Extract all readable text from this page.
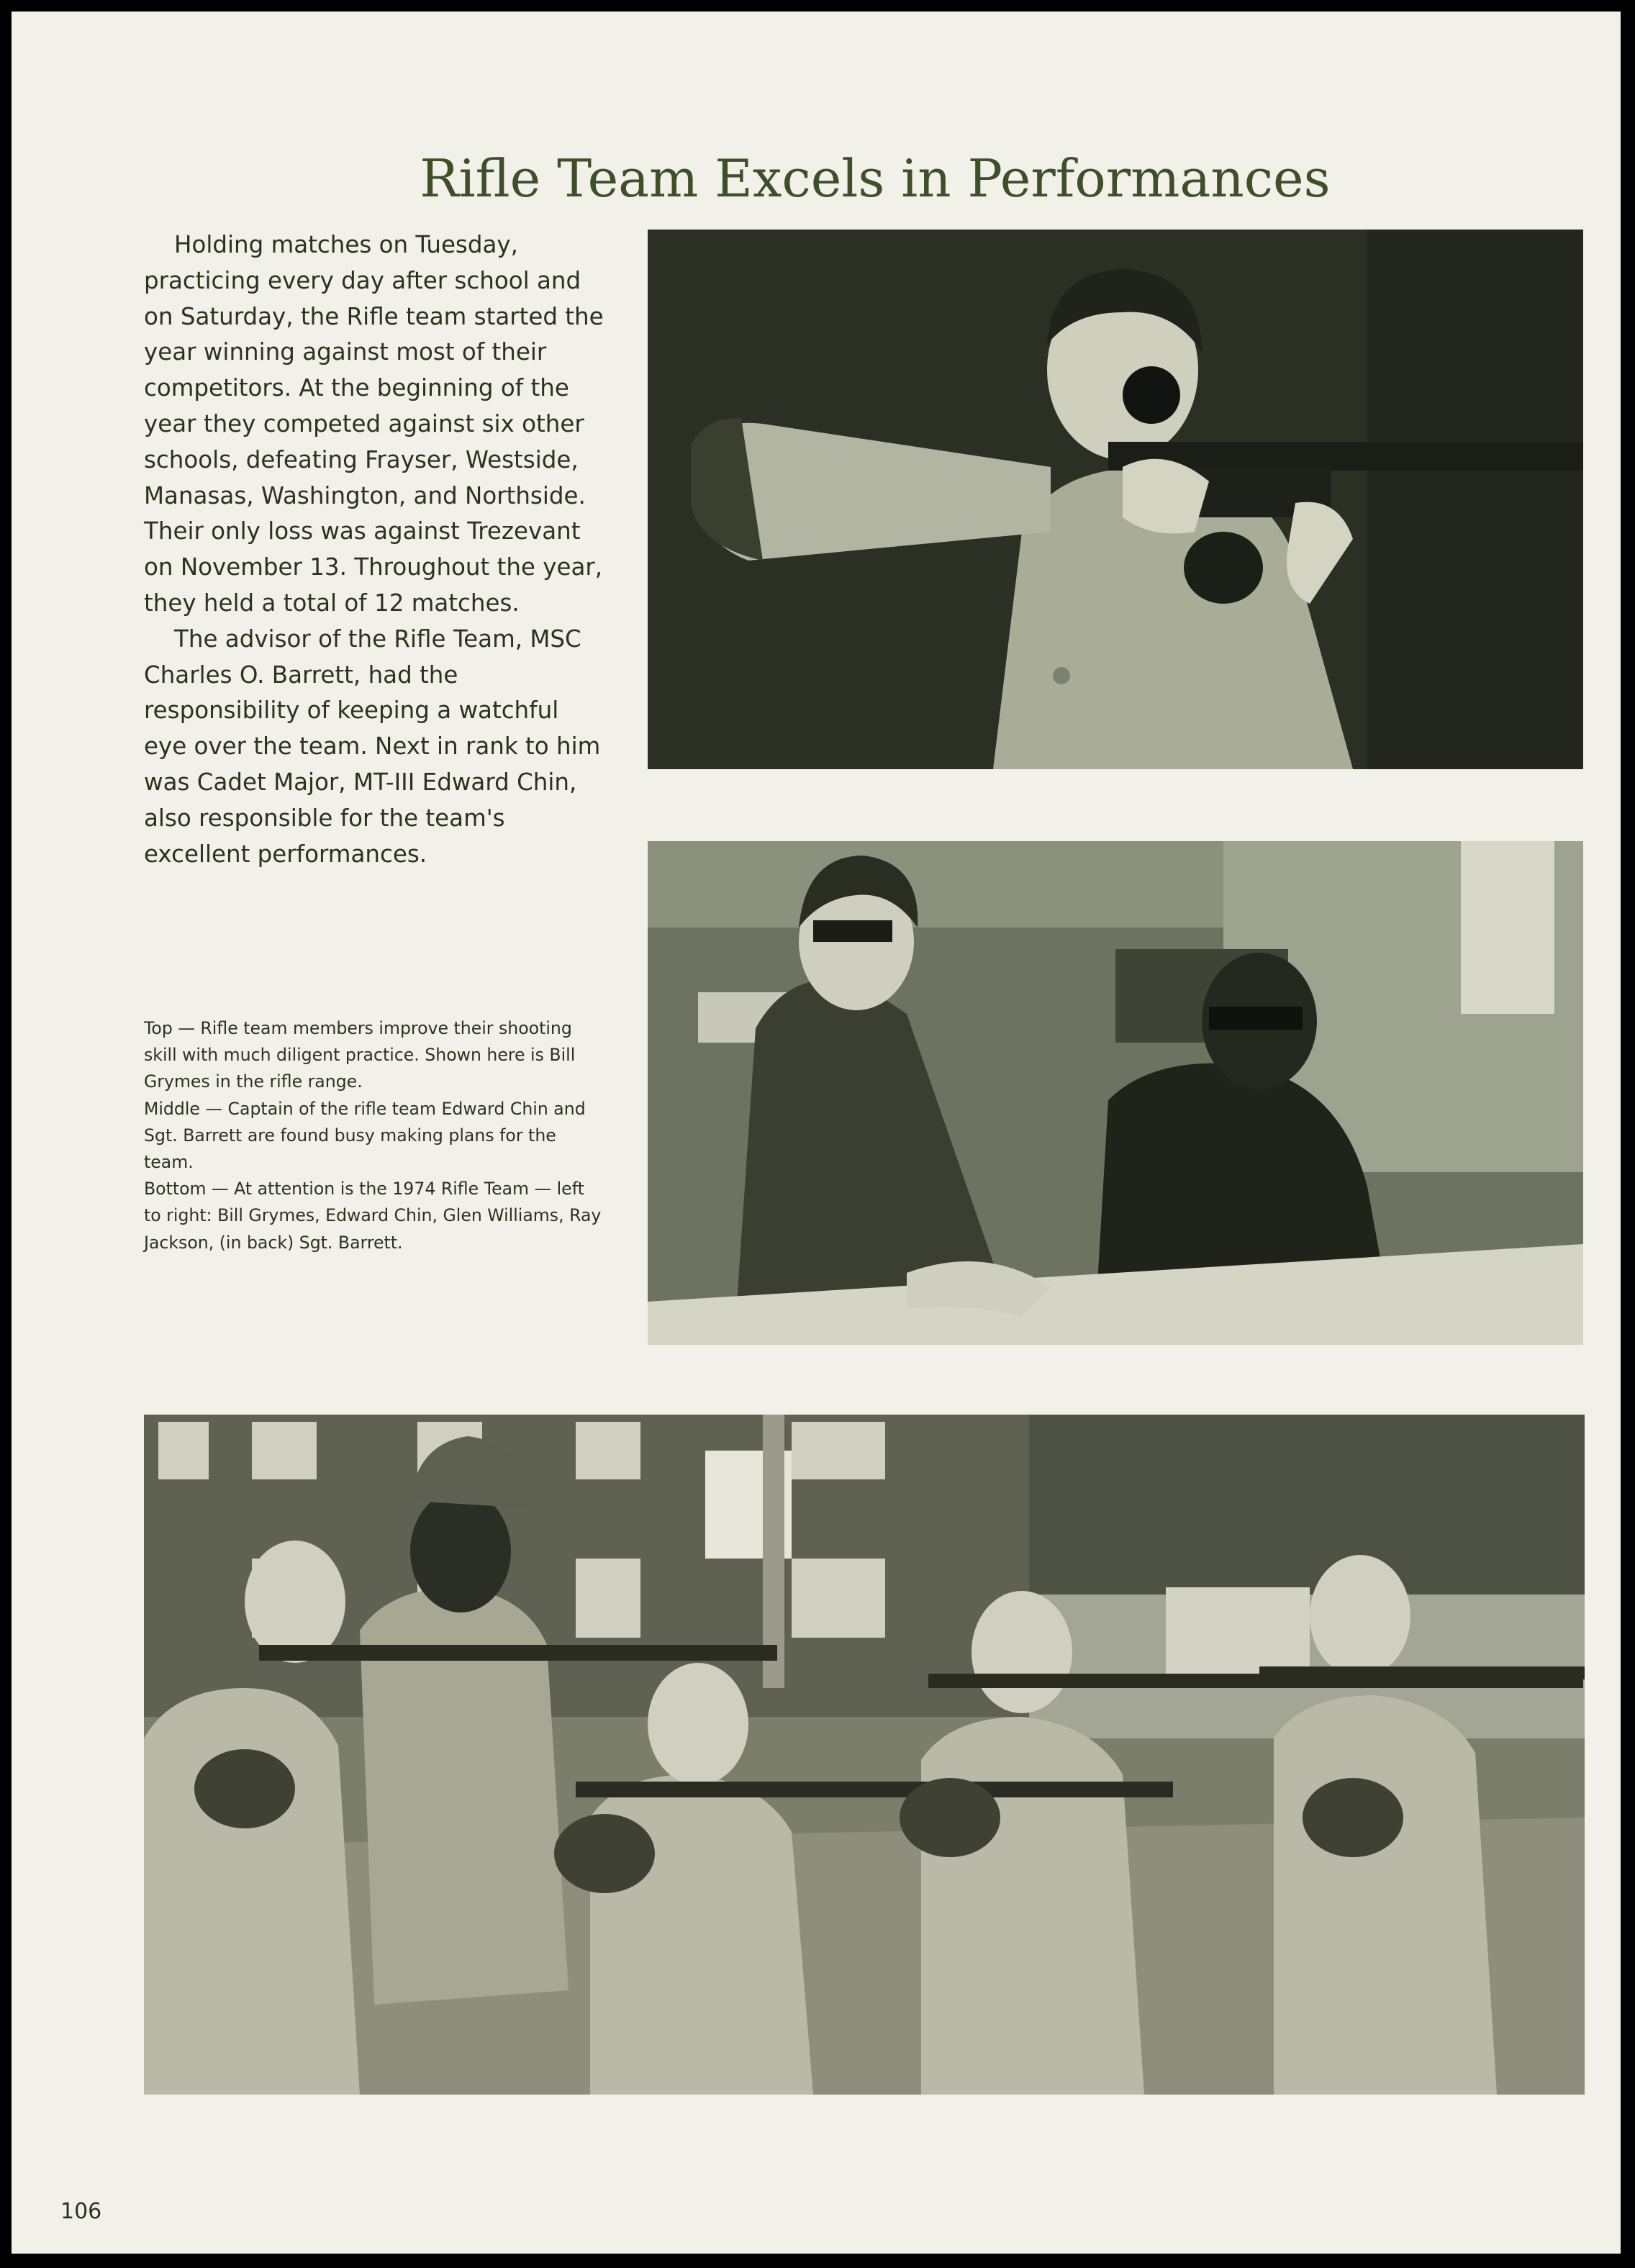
Rifle Team Excels in Performances

Holding matches on Tuesday, practicing every day after school and on Saturday, the Rifle team started the year winning against most of their competitors. At the beginning of the year they competed against six other schools, defeating Frayser, Westside, Manasas, Washington, and Northside. Their only loss was against Trezevant on November 13. Throughout the year, they held a total of 12 matches.

The advisor of the Rifle Team, MSC Charles O. Barrett, had the responsibility of keeping a watchful eye over the team. Next in rank to him was Cadet Major, MT-III Edward Chin, also responsible for the team's excellent performances.

Top — Rifle team members improve their shooting skill with much diligent practice. Shown here is Bill Grymes in the rifle range.

Middle — Captain of the rifle team Edward Chin and Sgt. Barrett are found busy making plans for the team.

Bottom — At attention is the 1974 Rifle Team — left to right: Bill Grymes, Edward Chin, Glen Williams, Ray Jackson, (in back) Sgt. Barrett.

106
